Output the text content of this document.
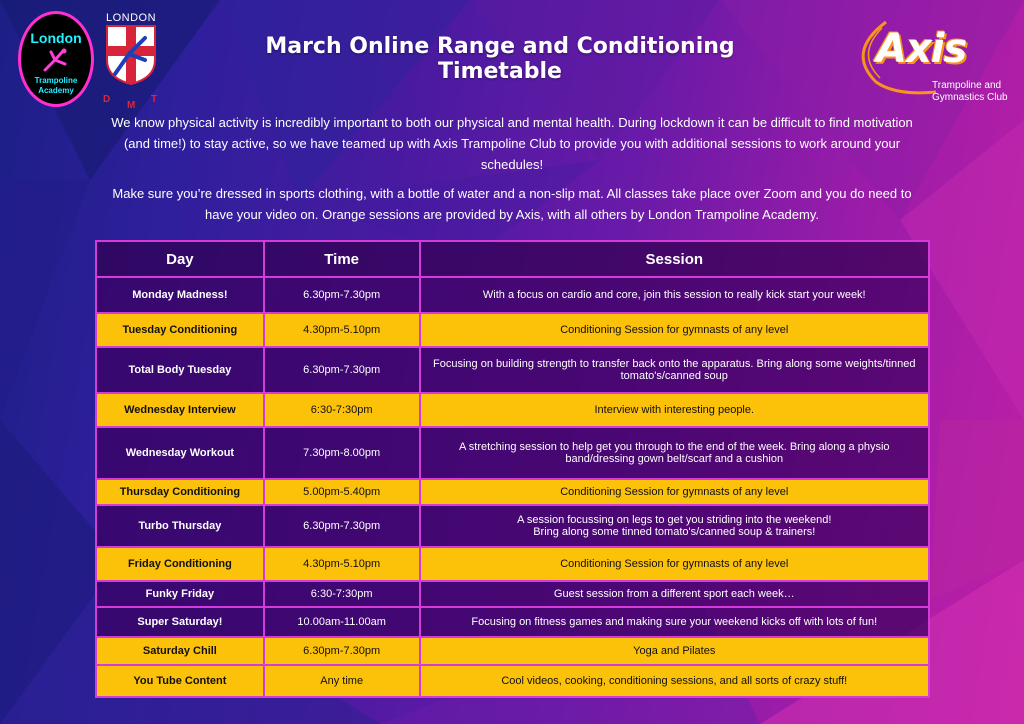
London
Trampoline
Academy
LONDON
D
M
T
Axis
Trampoline and
Gymnastics Club
March Online Range and Conditioning Timetable
We know physical activity is incredibly important to both our physical and mental health. During lockdown it can be difficult to find motivation (and time!) to stay active, so we have teamed up with Axis Trampoline Club to provide you with additional sessions to work around your schedules!
Make sure you’re dressed in sports clothing, with a bottle of water and a non-slip mat. All classes take place over Zoom and you do need to have your video on. Orange sessions are provided by Axis, with all others by London Trampoline Academy.
Day	Time	Session
Monday Madness!	6.30pm-7.30pm	With a focus on cardio and core, join this session to really kick start your week!
Tuesday Conditioning	4.30pm-5.10pm	Conditioning Session for gymnasts of any level
Total Body Tuesday	6.30pm-7.30pm	Focusing on building strength to transfer back onto the apparatus. Bring along some weights/tinned tomato's/canned soup
Wednesday Interview	6:30-7:30pm	Interview with interesting people.
Wednesday Workout	7.30pm-8.00pm	A stretching session to help get you through to the end of the week. Bring along a physio band/dressing gown belt/scarf and a cushion
Thursday Conditioning	5.00pm-5.40pm	Conditioning Session for gymnasts of any level
Turbo Thursday	6.30pm-7.30pm	A session focussing on legs to get you striding into the weekend!
Bring along some tinned tomato's/canned soup & trainers!
Friday Conditioning	4.30pm-5.10pm	Conditioning Session for gymnasts of any level
Funky Friday	6:30-7:30pm	Guest session from a different sport each week…
Super Saturday!	10.00am-11.00am	Focusing on fitness games and making sure your weekend kicks off with lots of fun!
Saturday Chill	6.30pm-7.30pm	Yoga and Pilates
You Tube Content	Any time	Cool videos, cooking, conditioning sessions, and all sorts of crazy stuff!
